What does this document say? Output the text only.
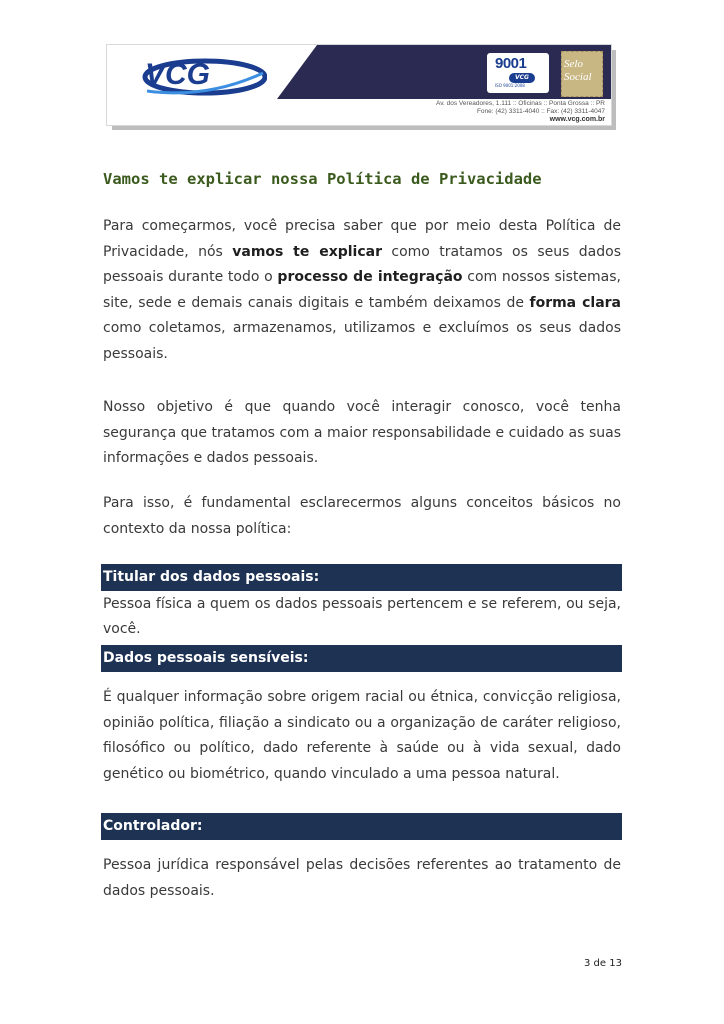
VCG	9001
VCG
ISO 9001:2008
Selo
Social
Av. dos Vereadores, 1.111 :: Oficinas :: Ponta Grossa :: PR
Fone: (42) 3311-4040 :: Fax: (42) 3311-4047
www.vcg.com.br
Vamos te explicar nossa Política de Privacidade

Para começarmos, você precisa saber que por meio desta Política de Privacidade, nós vamos te explicar como tratamos os seus dados pessoais durante todo o processo de integração com nossos sistemas, site, sede e demais canais digitais e também deixamos de forma clara como coletamos, armazenamos, utilizamos e excluímos os seus dados pessoais.

Nosso objetivo é que quando você interagir conosco, você tenha segurança que tratamos com a maior responsabilidade e cuidado as suas informações e dados pessoais.

Para isso, é fundamental esclarecermos alguns conceitos básicos no contexto da nossa política:

Titular dos dados pessoais:

Pessoa física a quem os dados pessoais pertencem e se referem, ou seja, você.

Dados pessoais sensíveis:

É qualquer informação sobre origem racial ou étnica, convicção religiosa, opinião política, filiação a sindicato ou a organização de caráter religioso, filosófico ou político, dado referente à saúde ou à vida sexual, dado genético ou biométrico, quando vinculado a uma pessoa natural.

Controlador:

Pessoa jurídica responsável pelas decisões referentes ao tratamento de dados pessoais.

3 de 13
